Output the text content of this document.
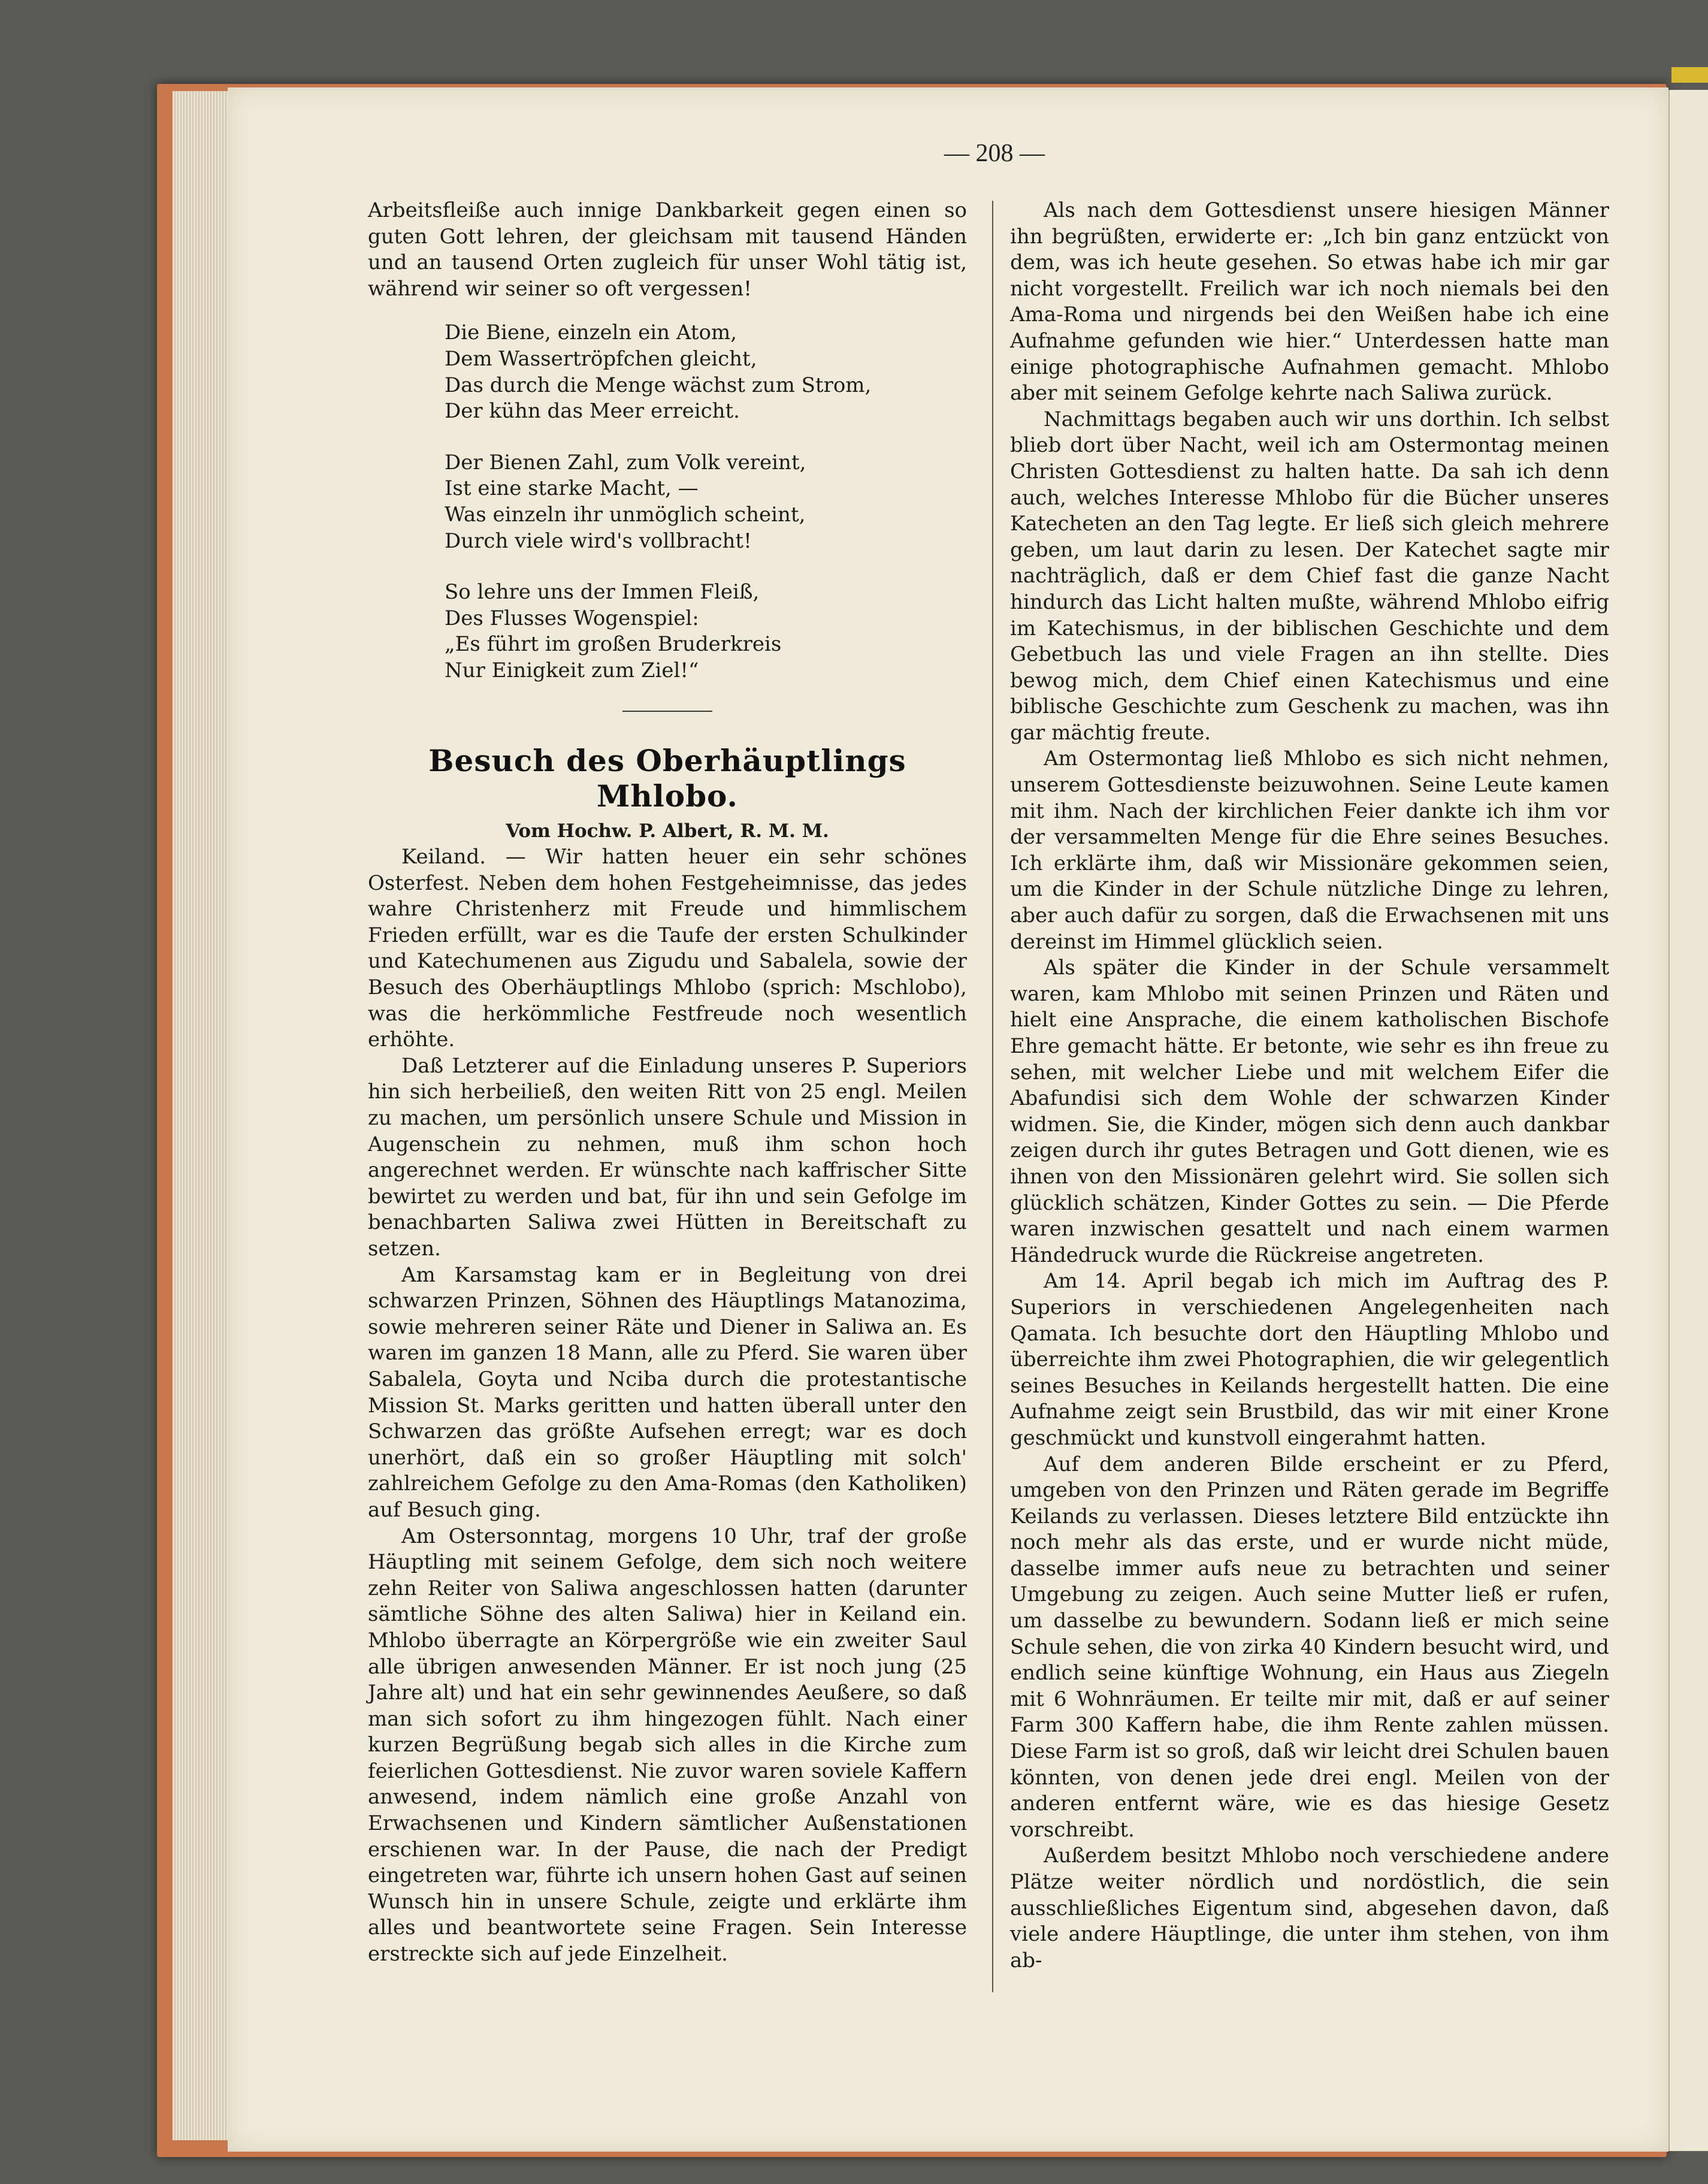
— 208 —

Arbeitsfleiße auch innige Dankbarkeit gegen einen so guten Gott lehren, der gleichsam mit tausend Händen und an tausend Orten zugleich für unser Wohl tätig ist, während wir seiner so oft vergessen!

Die Biene, einzeln ein Atom,
Dem Wassertröpfchen gleicht,
Das durch die Menge wächst zum Strom,
Der kühn das Meer erreicht.
Der Bienen Zahl, zum Volk vereint,
Ist eine starke Macht, —
Was einzeln ihr unmöglich scheint,
Durch viele wird's vollbracht!
So lehre uns der Immen Fleiß,
Des Flusses Wogenspiel:
„Es führt im großen Bruderkreis
Nur Einigkeit zum Ziel!“
Besuch des Oberhäuptlings Mhlobo.

Vom Hochw. P. Albert, R. M. M.

Keiland. — Wir hatten heuer ein sehr schönes Osterfest. Neben dem hohen Festgeheimnisse, das jedes wahre Christenherz mit Freude und himmlischem Frieden erfüllt, war es die Taufe der ersten Schulkinder und Katechumenen aus Zigudu und Sabalela, sowie der Besuch des Oberhäuptlings Mhlobo (sprich: Mschlobo), was die herkömmliche Festfreude noch wesentlich erhöhte.

Daß Letzterer auf die Einladung unseres P. Superiors hin sich herbeiließ, den weiten Ritt von 25 engl. Meilen zu machen, um persönlich unsere Schule und Mission in Augenschein zu nehmen, muß ihm schon hoch angerechnet werden. Er wünschte nach kaffrischer Sitte bewirtet zu werden und bat, für ihn und sein Gefolge im benachbarten Saliwa zwei Hütten in Bereitschaft zu setzen.

Am Karsamstag kam er in Begleitung von drei schwarzen Prinzen, Söhnen des Häuptlings Matanozima, sowie mehreren seiner Räte und Diener in Saliwa an. Es waren im ganzen 18 Mann, alle zu Pferd. Sie waren über Sabalela, Goyta und Nciba durch die protestantische Mission St. Marks geritten und hatten überall unter den Schwarzen das größte Aufsehen erregt; war es doch unerhört, daß ein so großer Häuptling mit solch' zahlreichem Gefolge zu den Ama-Romas (den Katholiken) auf Besuch ging.

Am Ostersonntag, morgens 10 Uhr, traf der große Häuptling mit seinem Gefolge, dem sich noch weitere zehn Reiter von Saliwa angeschlossen hatten (darunter sämtliche Söhne des alten Saliwa) hier in Keiland ein. Mhlobo überragte an Körpergröße wie ein zweiter Saul alle übrigen anwesenden Männer. Er ist noch jung (25 Jahre alt) und hat ein sehr gewinnendes Aeußere, so daß man sich sofort zu ihm hingezogen fühlt. Nach einer kurzen Begrüßung begab sich alles in die Kirche zum feierlichen Gottesdienst. Nie zuvor waren soviele Kaffern anwesend, indem nämlich eine große Anzahl von Erwachsenen und Kindern sämtlicher Außenstationen erschienen war. In der Pause, die nach der Predigt eingetreten war, führte ich unsern hohen Gast auf seinen Wunsch hin in unsere Schule, zeigte und erklärte ihm alles und beantwortete seine Fragen. Sein Interesse erstreckte sich auf jede Einzelheit.

Als nach dem Gottesdienst unsere hiesigen Männer ihn begrüßten, erwiderte er: „Ich bin ganz entzückt von dem, was ich heute gesehen. So etwas habe ich mir gar nicht vorgestellt. Freilich war ich noch niemals bei den Ama-Roma und nirgends bei den Weißen habe ich eine Aufnahme gefunden wie hier.“ Unterdessen hatte man einige photographische Aufnahmen gemacht. Mhlobo aber mit seinem Gefolge kehrte nach Saliwa zurück.

Nachmittags begaben auch wir uns dorthin. Ich selbst blieb dort über Nacht, weil ich am Ostermontag meinen Christen Gottesdienst zu halten hatte. Da sah ich denn auch, welches Interesse Mhlobo für die Bücher unseres Katecheten an den Tag legte. Er ließ sich gleich mehrere geben, um laut darin zu lesen. Der Katechet sagte mir nachträglich, daß er dem Chief fast die ganze Nacht hindurch das Licht halten mußte, während Mhlobo eifrig im Katechismus, in der biblischen Geschichte und dem Gebetbuch las und viele Fragen an ihn stellte. Dies bewog mich, dem Chief einen Katechismus und eine biblische Geschichte zum Geschenk zu machen, was ihn gar mächtig freute.

Am Ostermontag ließ Mhlobo es sich nicht nehmen, unserem Gottesdienste beizuwohnen. Seine Leute kamen mit ihm. Nach der kirchlichen Feier dankte ich ihm vor der versammelten Menge für die Ehre seines Besuches. Ich erklärte ihm, daß wir Missionäre gekommen seien, um die Kinder in der Schule nützliche Dinge zu lehren, aber auch dafür zu sorgen, daß die Erwachsenen mit uns dereinst im Himmel glücklich seien.

Als später die Kinder in der Schule versammelt waren, kam Mhlobo mit seinen Prinzen und Räten und hielt eine Ansprache, die einem katholischen Bischofe Ehre gemacht hätte. Er betonte, wie sehr es ihn freue zu sehen, mit welcher Liebe und mit welchem Eifer die Abafundisi sich dem Wohle der schwarzen Kinder widmen. Sie, die Kinder, mögen sich denn auch dankbar zeigen durch ihr gutes Betragen und Gott dienen, wie es ihnen von den Missionären gelehrt wird. Sie sollen sich glücklich schätzen, Kinder Gottes zu sein. — Die Pferde waren inzwischen gesattelt und nach einem warmen Händedruck wurde die Rückreise angetreten.

Am 14. April begab ich mich im Auftrag des P. Superiors in verschiedenen Angelegenheiten nach Qamata. Ich besuchte dort den Häuptling Mhlobo und überreichte ihm zwei Photographien, die wir gelegentlich seines Besuches in Keilands hergestellt hatten. Die eine Aufnahme zeigt sein Brustbild, das wir mit einer Krone geschmückt und kunstvoll eingerahmt hatten.

Auf dem anderen Bilde erscheint er zu Pferd, umgeben von den Prinzen und Räten gerade im Begriffe Keilands zu verlassen. Dieses letztere Bild entzückte ihn noch mehr als das erste, und er wurde nicht müde, dasselbe immer aufs neue zu betrachten und seiner Umgebung zu zeigen. Auch seine Mutter ließ er rufen, um dasselbe zu bewundern. Sodann ließ er mich seine Schule sehen, die von zirka 40 Kindern besucht wird, und endlich seine künftige Wohnung, ein Haus aus Ziegeln mit 6 Wohnräumen. Er teilte mir mit, daß er auf seiner Farm 300 Kaffern habe, die ihm Rente zahlen müssen. Diese Farm ist so groß, daß wir leicht drei Schulen bauen könnten, von denen jede drei engl. Meilen von der anderen entfernt wäre, wie es das hiesige Gesetz vorschreibt.

Außerdem besitzt Mhlobo noch verschiedene andere Plätze weiter nördlich und nordöstlich, die sein ausschließliches Eigentum sind, abgesehen davon, daß viele andere Häuptlinge, die unter ihm stehen, von ihm ab-
